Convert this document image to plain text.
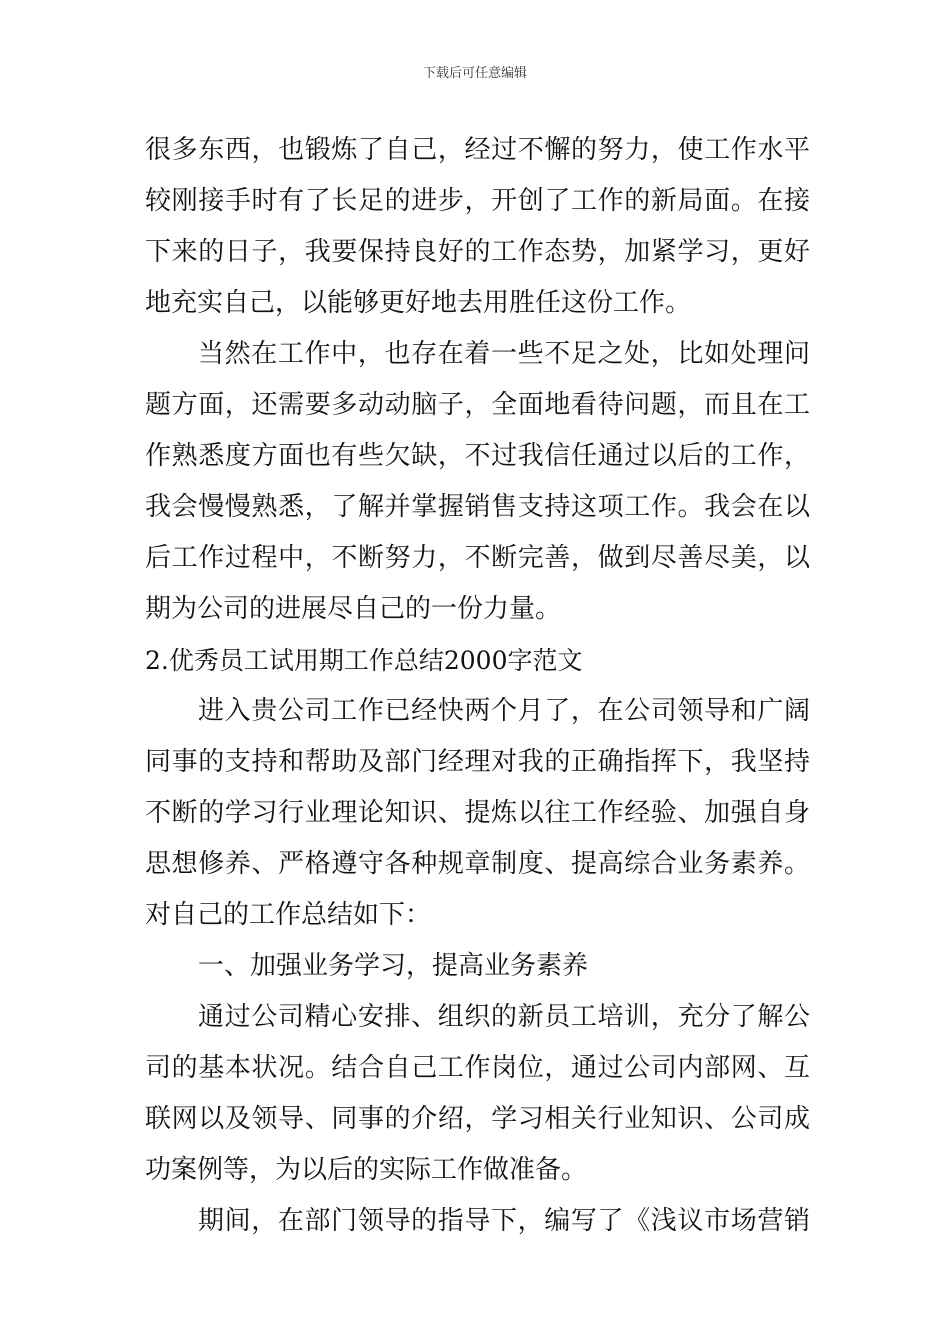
下载后可任意编辑
很多东西，也锻炼了自己，经过不懈的努力，使工作水平
较刚接手时有了长足的进步，开创了工作的新局面。在接
下来的日子，我要保持良好的工作态势，加紧学习，更好
地充实自己，以能够更好地去用胜任这份工作。
当然在工作中，也存在着一些不足之处，比如处理问
题方面，还需要多动动脑子，全面地看待问题，而且在工
作熟悉度方面也有些欠缺，不过我信任通过以后的工作，
我会慢慢熟悉，了解并掌握销售支持这项工作。我会在以
后工作过程中，不断努力，不断完善，做到尽善尽美，以
期为公司的进展尽自己的一份力量。
2.优秀员工试用期工作总结2000字范文
进入贵公司工作已经快两个月了，在公司领导和广阔
同事的支持和帮助及部门经理对我的正确指挥下，我坚持
不断的学习行业理论知识、提炼以往工作经验、加强自身
思想修养、严格遵守各种规章制度、提高综合业务素养。
对自己的工作总结如下：
一、加强业务学习，提高业务素养
通过公司精心安排、组织的新员工培训，充分了解公
司的基本状况。结合自己工作岗位，通过公司内部网、互
联网以及领导、同事的介绍，学习相关行业知识、公司成
功案例等，为以后的实际工作做准备。
期间，在部门领导的指导下，编写了《浅议市场营销
